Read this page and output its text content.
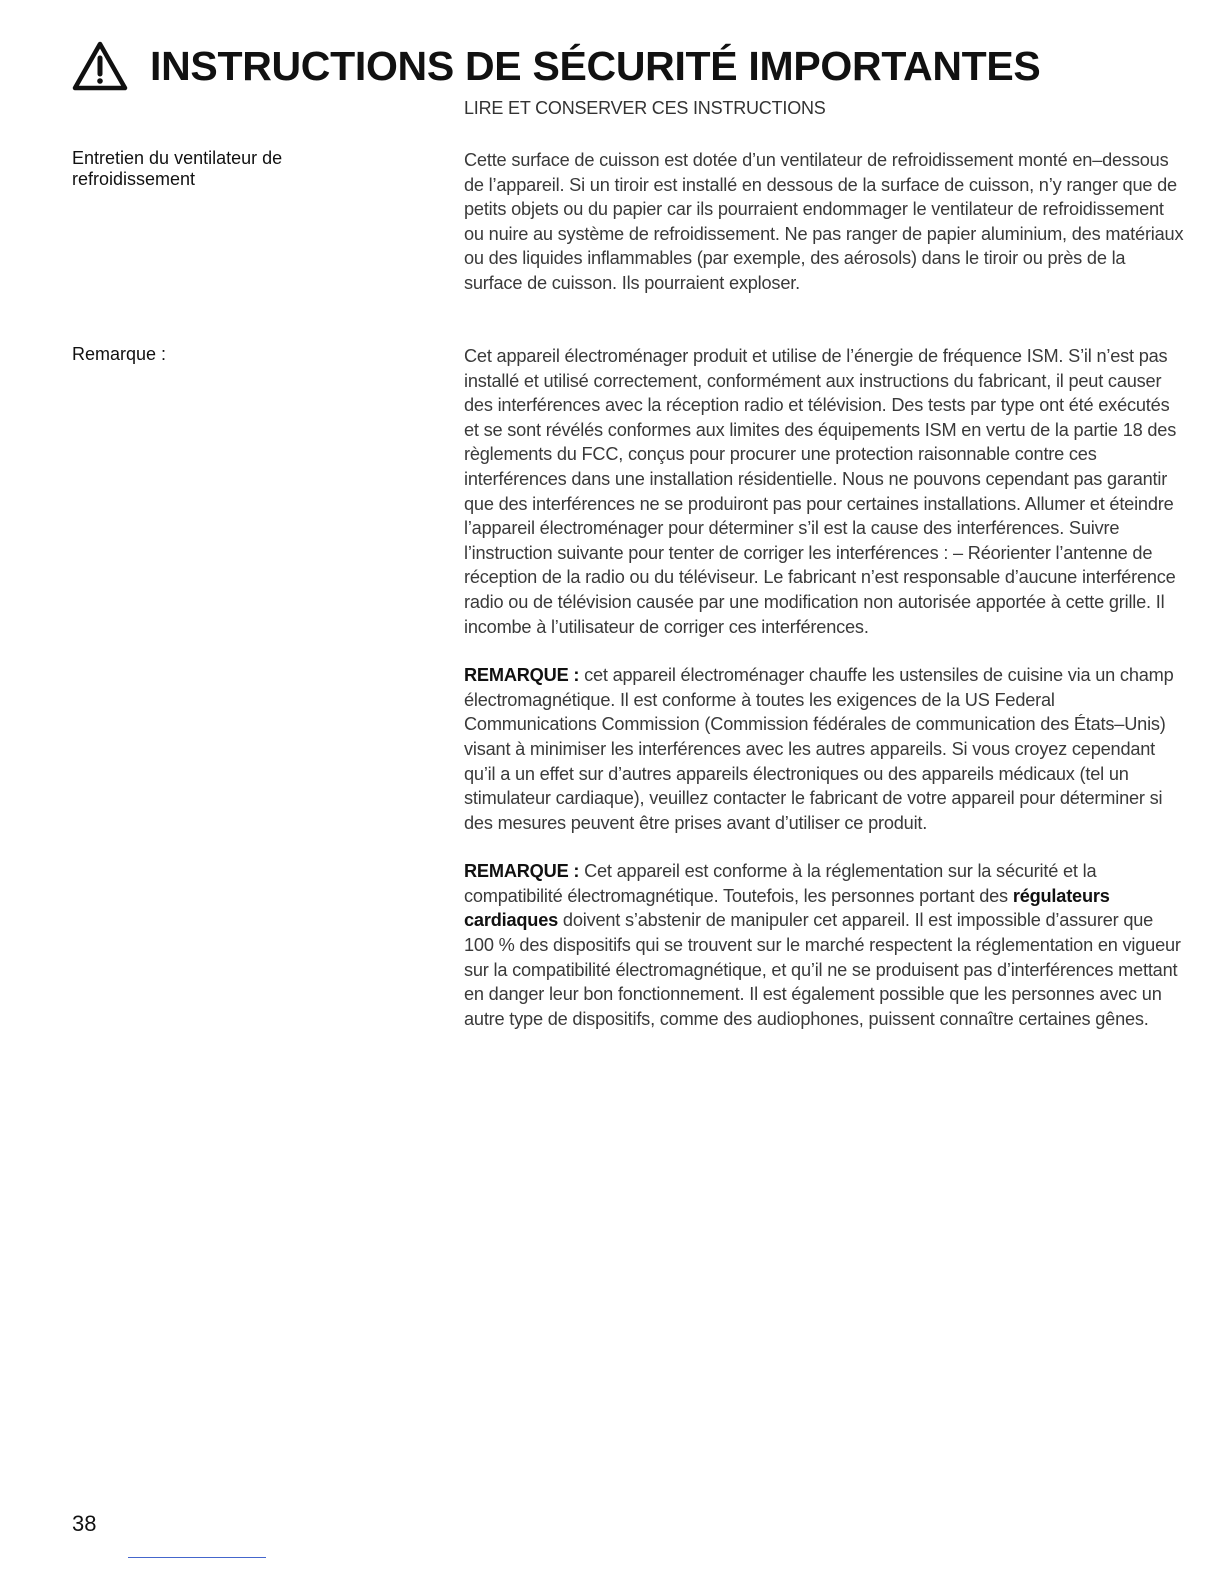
INSTRUCTIONS DE SÉCURITÉ IMPORTANTES
LIRE ET CONSERVER CES INSTRUCTIONS
Entretien du ventilateur de refroidissement

Cette surface de cuisson est dotée d’un ventilateur de refroidissement monté en–dessous de l’appareil. Si un tiroir est installé en dessous de la surface de cuisson, n’y ranger que de petits objets ou du papier car ils pourraient endommager le ventilateur de refroidissement ou nuire au système de refroidissement. Ne pas ranger de papier aluminium, des matériaux ou des liquides inflammables (par exemple, des aérosols) dans le tiroir ou près de la surface de cuisson. Ils pourraient exploser.

Remarque :	Cet appareil électroménager produit et utilise de l’énergie de fréquence ISM. S’il n’est pas installé et utilisé correctement, conformément aux instructions du fabricant, il peut causer des interférences avec la réception radio et télévision. Des tests par type ont été exécutés et se sont révélés conformes aux limites des équipements ISM en vertu de la partie 18 des règlements du FCC, conçus pour procurer une protection raisonnable contre ces interférences dans une installation résidentielle. Nous ne pouvons cependant pas garantir que des interférences ne se produiront pas pour certaines installations. Allumer et éteindre l’appareil électroménager pour déterminer s’il est la cause des interférences. Suivre l’instruction suivante pour tenter de corriger les interférences : – Réorienter l’antenne de réception de la radio ou du téléviseur. Le fabricant n’est responsable d’aucune interférence radio ou de télévision causée par une modification non autorisée apportée à cette grille. Il incombe à l’utilisateur de corriger ces interférences.

REMARQUE : cet appareil électroménager chauffe les ustensiles de cuisine via un champ électromagnétique. Il est conforme à toutes les exigences de la US Federal Communications Commission (Commission fédérales de communication des États–Unis) visant à minimiser les interférences avec les autres appareils. Si vous croyez cependant qu’il a un effet sur d’autres appareils électroniques ou des appareils médicaux (tel un stimulateur cardiaque), veuillez contacter le fabricant de votre appareil pour déterminer si des mesures peuvent être prises avant d’utiliser ce produit.

REMARQUE : Cet appareil est conforme à la réglementation sur la sécurité et la compatibilité électromagnétique. Toutefois, les personnes portant des régulateurs cardiaques doivent s’abstenir de manipuler cet appareil. Il est impossible d’assurer que 100 % des dispositifs qui se trouvent sur le marché respectent la réglementation en vigueur sur la compatibilité électromagnétique, et qu’il ne se produisent pas d’interférences mettant en danger leur bon fonctionnement. Il est également possible que les personnes avec un autre type de dispositifs, comme des audiophones, puissent connaître certaines gênes.

38
